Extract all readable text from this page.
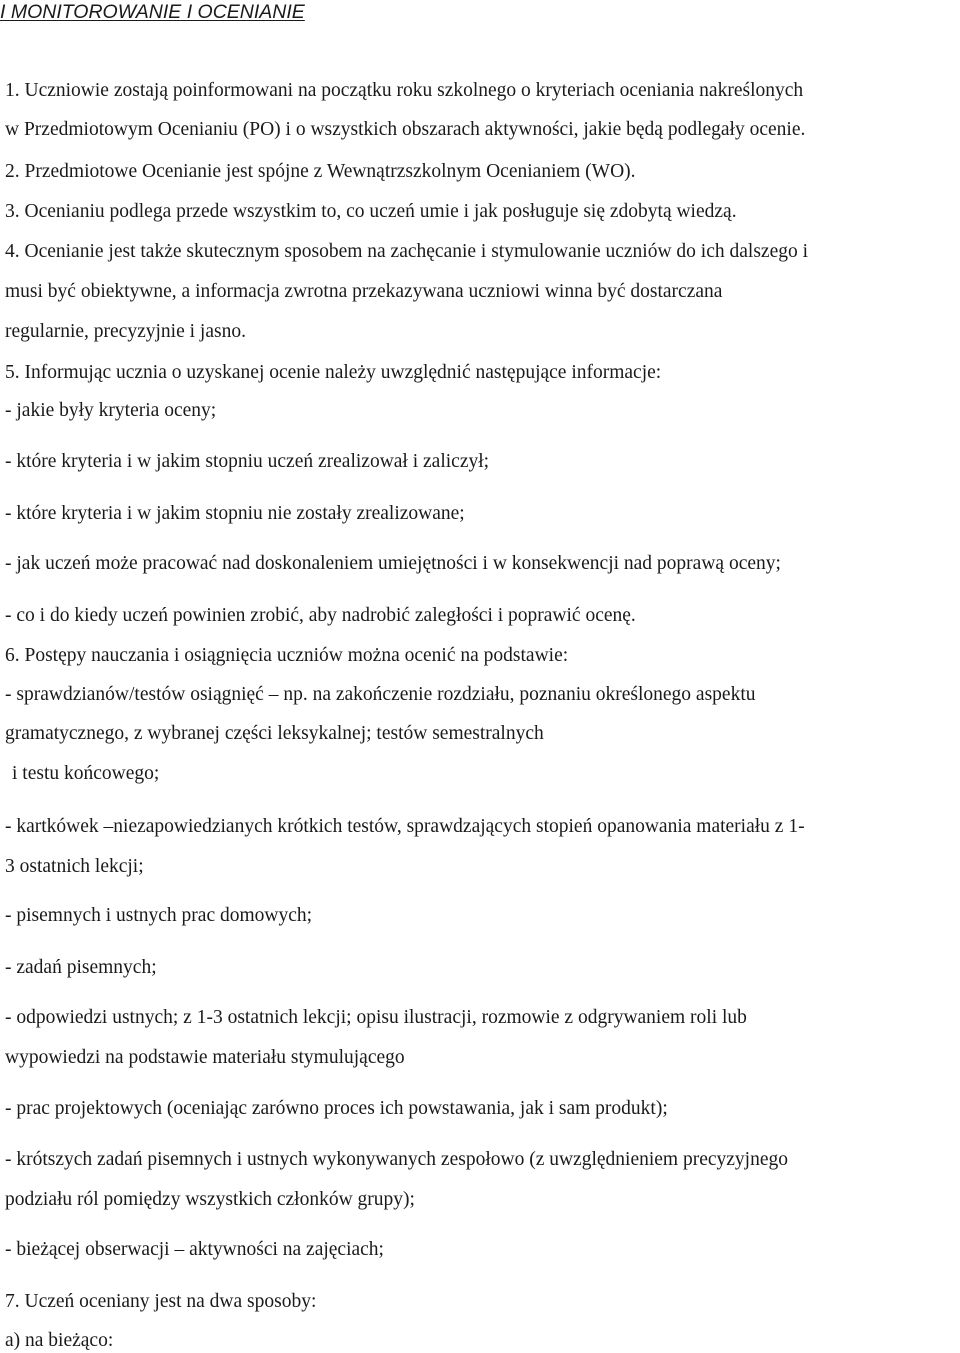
I MONITOROWANIE I OCENIANIE

1. Uczniowie zostają poinformowani na początku roku szkolnego o kryteriach oceniania nakreślonych

w Przedmiotowym Ocenianiu (PO) i o wszystkich obszarach aktywności, jakie będą podlegały ocenie.

2. Przedmiotowe Ocenianie jest spójne z Wewnątrzszkolnym Ocenianiem (WO).

3. Ocenianiu podlega przede wszystkim to, co uczeń umie i jak posługuje się zdobytą wiedzą.

4. Ocenianie jest także skutecznym sposobem na zachęcanie i stymulowanie uczniów do ich dalszego i

musi być obiektywne, a informacja zwrotna przekazywana uczniowi winna być dostarczana

regularnie, precyzyjnie i jasno.

5. Informując ucznia o uzyskanej ocenie należy uwzględnić następujące informacje:

- jakie były kryteria oceny;

- które kryteria i w jakim stopniu uczeń zrealizował i zaliczył;

- które kryteria i w jakim stopniu nie zostały zrealizowane;

- jak uczeń może pracować nad doskonaleniem umiejętności i w konsekwencji nad poprawą oceny;

- co i do kiedy uczeń powinien zrobić, aby nadrobić zaległości i poprawić ocenę.

6. Postępy nauczania i osiągnięcia uczniów można ocenić na podstawie:

- sprawdzianów/testów osiągnięć – np. na zakończenie rozdziału, poznaniu określonego aspektu

gramatycznego, z wybranej części leksykalnej; testów semestralnych

i testu końcowego;

- kartkówek –niezapowiedzianych krótkich testów, sprawdzających stopień opanowania materiału z 1-

3 ostatnich lekcji;

- pisemnych i ustnych prac domowych;

- zadań pisemnych;

- odpowiedzi ustnych; z 1-3 ostatnich lekcji; opisu ilustracji, rozmowie z odgrywaniem roli lub

wypowiedzi na podstawie materiału stymulującego

- prac projektowych (oceniając zarówno proces ich powstawania, jak i sam produkt);

- krótszych zadań pisemnych i ustnych wykonywanych zespołowo (z uwzględnieniem precyzyjnego

podziału ról pomiędzy wszystkich członków grupy);

- bieżącej obserwacji – aktywności na zajęciach;

7. Uczeń oceniany jest na dwa sposoby:

a) na bieżąco:
